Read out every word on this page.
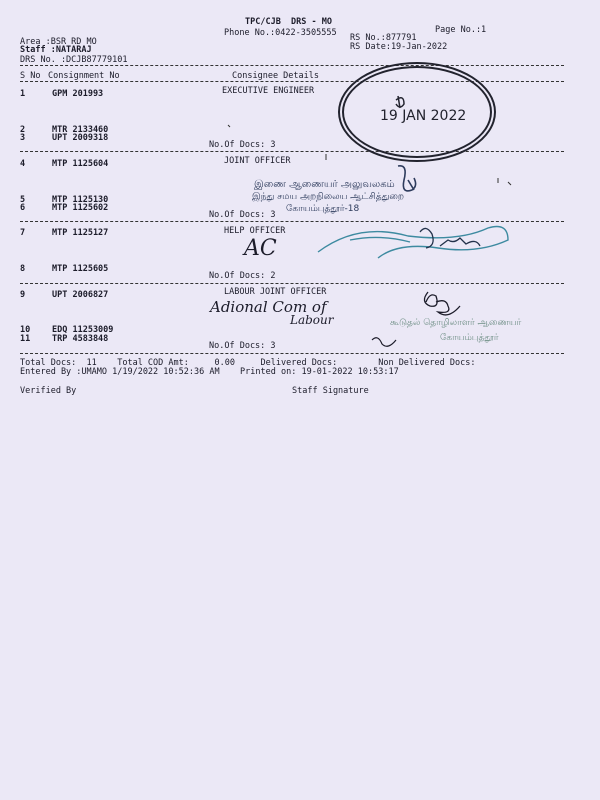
TPC/CJB  DRS - MO
Phone No.:0422-3505555	Page No.:1
Area :BSR RD MO
Staff :NATARAJ
DRS No. :DCJB87779101
RS No.:877791
RS Date:19-Jan-2022
S No Consignment No	Consignee Details
1	GPM 201993	EXECUTIVE ENGINEER
2	MTR 2133460
3	UPT 2009318
No.Of Docs: 3
4	MTP 1125604	JOINT OFFICER
5	MTP 1125130
6	MTP 1125602
No.Of Docs: 3
7	MTP 1125127	HELP OFFICER
8	MTP 1125605
No.Of Docs: 2
9	UPT 2006827	LABOUR JOINT OFFICER
10	EDQ 11253009
11	TRP 4583848
No.Of Docs: 3
Total Docs:  11    Total COD Amt:     0.00     Delivered Docs:        Non Delivered Docs:
Entered By :UMAMO 1/19/2022 10:52:36 AM    Printed on: 19-01-2022 10:53:17
Verified By	Staff Signature
19 JAN 2022
இணை ஆணையர் அலுவலகம்
இந்து சமய அறநிலைய ஆட்சித்துறை
கோயம்புத்தூர்-18
கூடுதல் தொழிலாளர் ஆணையர்
கோயம்புத்தூர்
AC
Adional Com of
Labour
